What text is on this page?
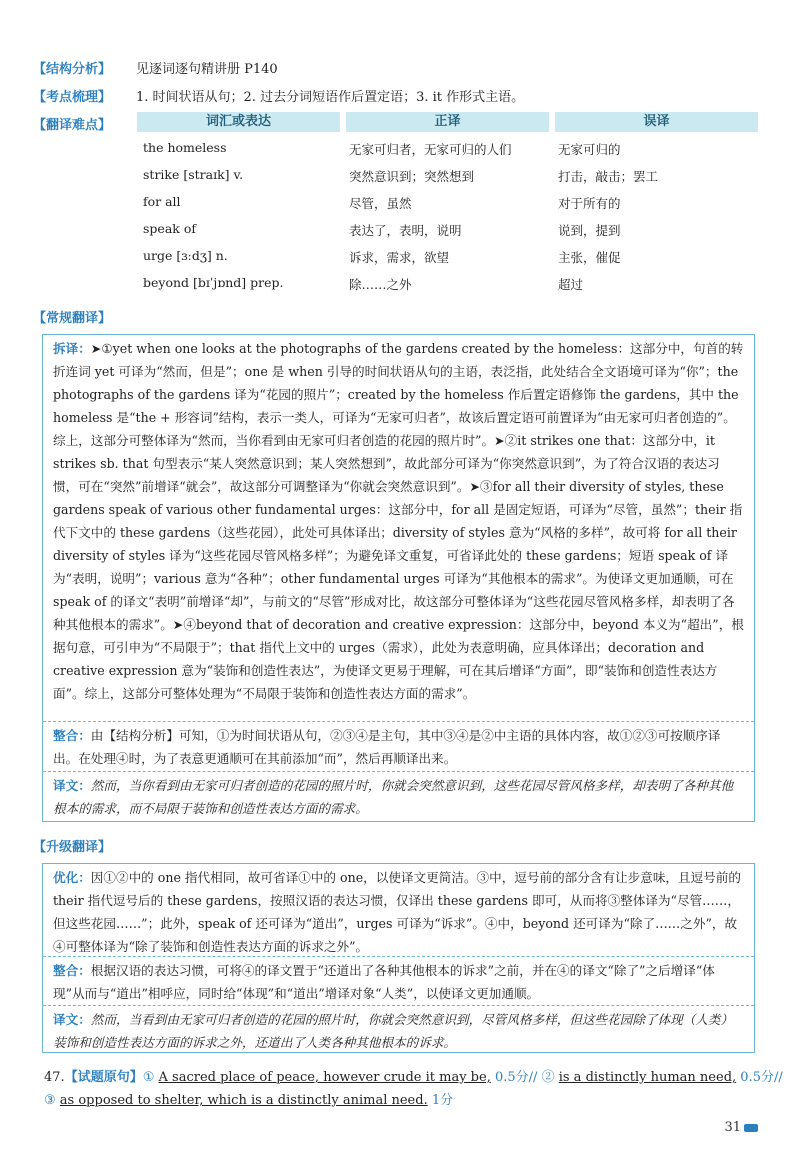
【结构分析】 见逐词逐句精讲册 P140
【考点梳理】 1. 时间状语从句；2. 过去分词短语作后置定语；3. it 作形式主语。
【翻译难点】	词汇或表达	正译	误译
the homeless	无家可归者，无家可归的人们	无家可归的
strike [straɪk] v.	突然意识到；突然想到	打击，敲击；罢工
for all	尽管，虽然	对于所有的
speak of	表达了，表明，说明	说到，提到
urge [ɜːdʒ] n.	诉求，需求，欲望	主张，催促
beyond [bɪˈjɒnd] prep.	除……之外	超过
【常规翻译】
拆译：➤①yet when one looks at the photographs of the gardens created by the homeless：这部分中，句首的转折连词 yet 可译为“然而，但是”；one 是 when 引导的时间状语从句的主语，表泛指，此处结合全文语境可译为“你”；the photographs of the gardens 译为“花园的照片”；created by the homeless 作后置定语修饰 the gardens，其中 the homeless 是“the + 形容词”结构，表示一类人，可译为“无家可归者”，故该后置定语可前置译为“由无家可归者创造的”。综上，这部分可整体译为“然而，当你看到由无家可归者创造的花园的照片时”。➤②it strikes one that：这部分中，it strikes sb. that 句型表示“某人突然意识到；某人突然想到”，故此部分可译为“你突然意识到”，为了符合汉语的表达习惯，可在“突然”前增译“就会”，故这部分可调整译为“你就会突然意识到”。➤③for all their diversity of styles, these gardens speak of various other fundamental urges：这部分中，for all 是固定短语，可译为“尽管，虽然”；their 指代下文中的 these gardens（这些花园），此处可具体译出；diversity of styles 意为“风格的多样”，故可将 for all their diversity of styles 译为“这些花园尽管风格多样”；为避免译文重复，可省译此处的 these gardens；短语 speak of 译为“表明，说明”；various 意为“各种”；other fundamental urges 可译为“其他根本的需求”。为使译文更加通顺，可在 speak of 的译文“表明”前增译“却”，与前文的“尽管”形成对比，故这部分可整体译为“这些花园尽管风格多样，却表明了各种其他根本的需求”。➤④beyond that of decoration and creative expression：这部分中，beyond 本义为“超出”，根据句意，可引申为“不局限于”；that 指代上文中的 urges（需求），此处为表意明确，应具体译出；decoration and creative expression 意为“装饰和创造性表达”，为使译文更易于理解，可在其后增译“方面”，即“装饰和创造性表达方面”。综上，这部分可整体处理为“不局限于装饰和创造性表达方面的需求”。
整合：由【结构分析】可知，①为时间状语从句，②③④是主句，其中③④是②中主语的具体内容，故①②③可按顺序译出。在处理④时，为了表意更通顺可在其前添加“而”，然后再顺译出来。
译文：然而，当你看到由无家可归者创造的花园的照片时，你就会突然意识到，这些花园尽管风格多样，却表明了各种其他根本的需求，而不局限于装饰和创造性表达方面的需求。
【升级翻译】
优化：因①②中的 one 指代相同，故可省译①中的 one，以使译文更简洁。③中，逗号前的部分含有让步意味，且逗号前的 their 指代逗号后的 these gardens，按照汉语的表达习惯，仅译出 these gardens 即可，从而将③整体译为“尽管……，但这些花园……”；此外，speak of 还可译为“道出”，urges 可译为“诉求”。④中，beyond 还可译为“除了……之外”，故④可整体译为“除了装饰和创造性表达方面的诉求之外”。
整合：根据汉语的表达习惯，可将④的译文置于“还道出了各种其他根本的诉求”之前，并在④的译文“除了”之后增译“体现”从而与“道出”相呼应，同时给“体现”和“道出”增译对象“人类”，以使译文更加通顺。
译文：然而，当看到由无家可归者创造的花园的照片时，你就会突然意识到，尽管风格多样，但这些花园除了体现（人类）装饰和创造性表达方面的诉求之外，还道出了人类各种其他根本的诉求。
47.【试题原句】① A sacred place of peace, however crude it may be, 0.5分// ② is a distinctly human need, 0.5分//
③ as opposed to shelter, which is a distinctly animal need. 1分
31
